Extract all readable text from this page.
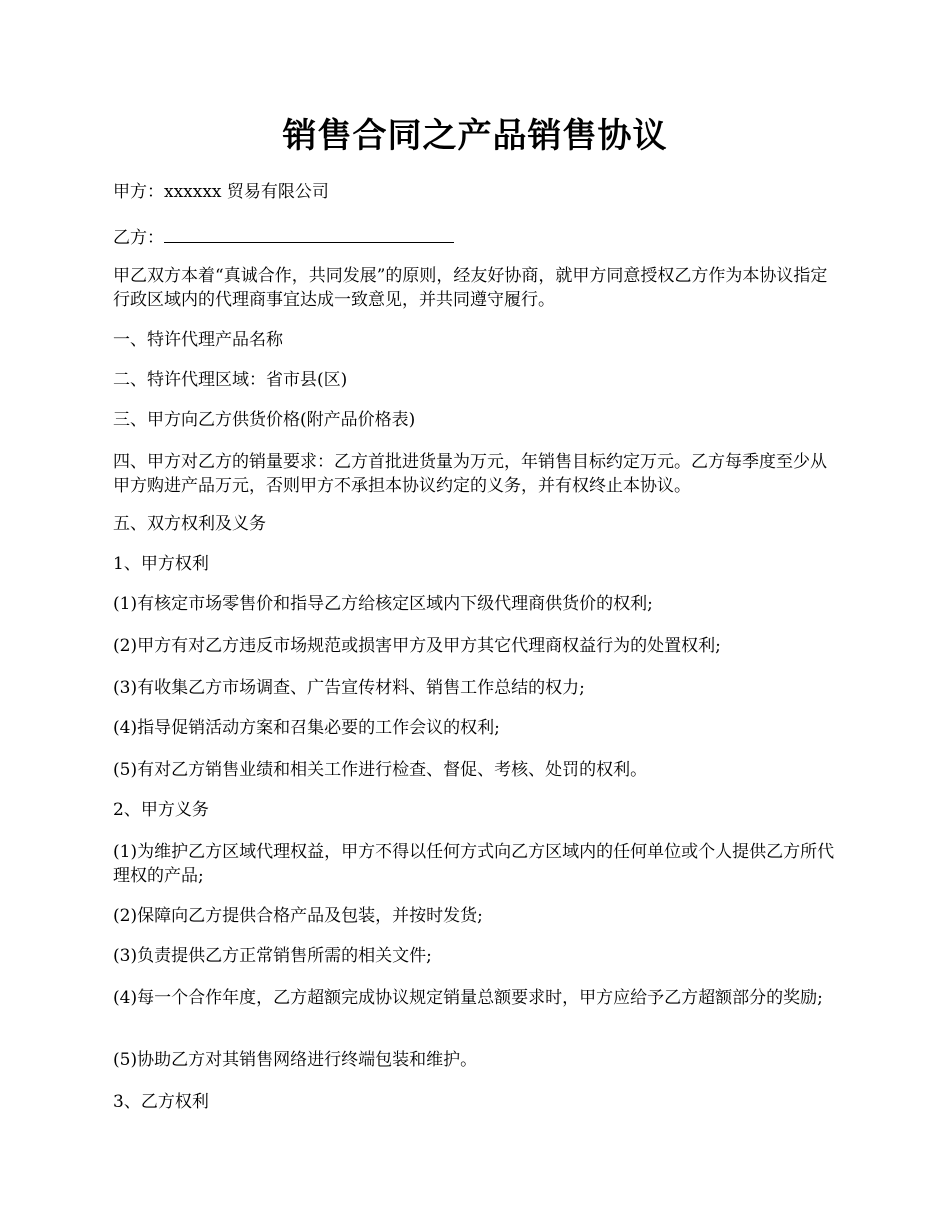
销售合同之产品销售协议

甲方：xxxxxx 贸易有限公司

乙方：

甲乙双方本着“真诚合作，共同发展”的原则，经友好协商，就甲方同意授权乙方作为本协议指定行政区域内的代理商事宜达成一致意见，并共同遵守履行。

一、特许代理产品名称

二、特许代理区域：省市县(区)

三、甲方向乙方供货价格(附产品价格表)

四、甲方对乙方的销量要求：乙方首批进货量为万元，年销售目标约定万元。乙方每季度至少从甲方购进产品万元，否则甲方不承担本协议约定的义务，并有权终止本协议。

五、双方权利及义务

1、甲方权利

(1)有核定市场零售价和指导乙方给核定区域内下级代理商供货价的权利;

(2)甲方有对乙方违反市场规范或损害甲方及甲方其它代理商权益行为的处置权利;

(3)有收集乙方市场调查、广告宣传材料、销售工作总结的权力;

(4)指导促销活动方案和召集必要的工作会议的权利;

(5)有对乙方销售业绩和相关工作进行检查、督促、考核、处罚的权利。

2、甲方义务

(1)为维护乙方区域代理权益，甲方不得以任何方式向乙方区域内的任何单位或个人提供乙方所代理权的产品;

(2)保障向乙方提供合格产品及包装，并按时发货;

(3)负责提供乙方正常销售所需的相关文件;

(4)每一个合作年度，乙方超额完成协议规定销量总额要求时，甲方应给予乙方超额部分的奖励;

(5)协助乙方对其销售网络进行终端包装和维护。

3、乙方权利
